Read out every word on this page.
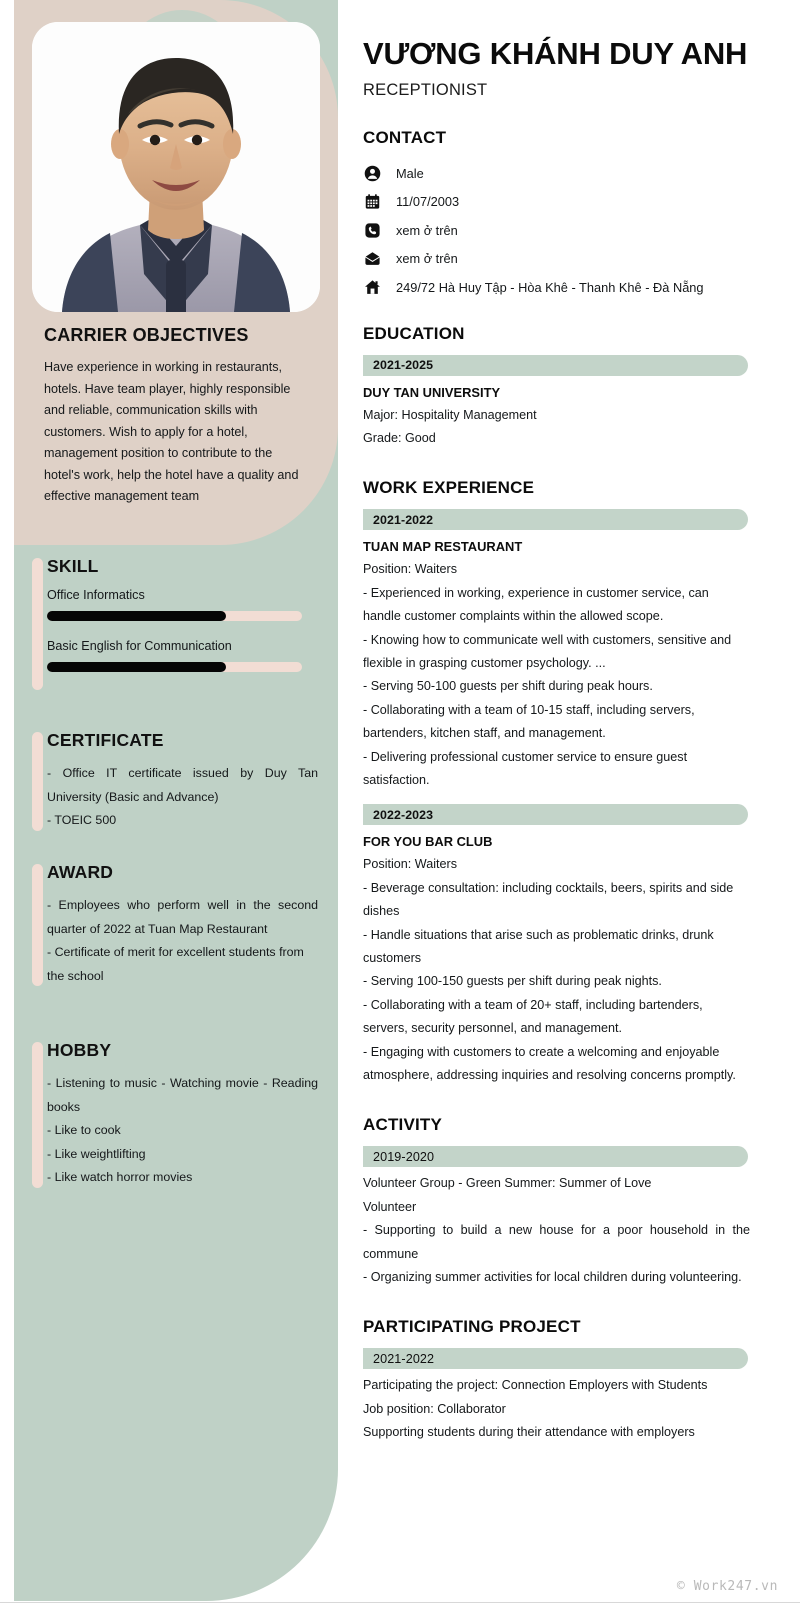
CARRIER OBJECTIVES
Have experience in working in restaurants, hotels. Have team player, highly responsible and reliable, communication skills with customers. Wish to apply for a hotel, management position to contribute to the hotel's work, help the hotel have a quality and effective management team
SKILL
Office Informatics
Basic English for Communication
CERTIFICATE
- Office IT certificate issued by Duy Tan University (Basic and Advance)
- TOEIC 500
AWARD
- Employees who perform well in the second quarter of 2022 at Tuan Map Restaurant
- Certificate of merit for excellent students from the school
HOBBY
- Listening to music - Watching movie - Reading books
- Like to cook
- Like weightlifting
- Like watch horror movies
VƯƠNG KHÁNH DUY ANH
RECEPTIONIST
CONTACT
Male
11/07/2003
xem ở trên
xem ở trên
249/72 Hà Huy Tập - Hòa Khê - Thanh Khê - Đà Nẵng
EDUCATION
2021-2025
DUY TAN UNIVERSITY
Major: Hospitality Management
Grade: Good
WORK EXPERIENCE
2021-2022
TUAN MAP RESTAURANT
Position: Waiters
- Experienced in working, experience in customer service, can handle customer complaints within the allowed scope.
- Knowing how to communicate well with customers, sensitive and flexible in grasping customer psychology. ...
- Serving 50-100 guests per shift during peak hours.
- Collaborating with a team of 10-15 staff, including servers, bartenders, kitchen staff, and management.
- Delivering professional customer service to ensure guest satisfaction.
2022-2023
FOR YOU BAR CLUB
Position: Waiters
- Beverage consultation: including cocktails, beers, spirits and side dishes
- Handle situations that arise such as problematic drinks, drunk customers
- Serving 100-150 guests per shift during peak nights.
- Collaborating with a team of 20+ staff, including bartenders, servers, security personnel, and management.
- Engaging with customers to create a welcoming and enjoyable atmosphere, addressing inquiries and resolving concerns promptly.
ACTIVITY
2019-2020
Volunteer Group - Green Summer: Summer of Love
Volunteer
- Supporting to build a new house for a poor household in the commune
- Organizing summer activities for local children during volunteering.
PARTICIPATING PROJECT
2021-2022
Participating the project: Connection Employers with Students
Job position: Collaborator
Supporting students during their attendance with employers
© Work247.vn
